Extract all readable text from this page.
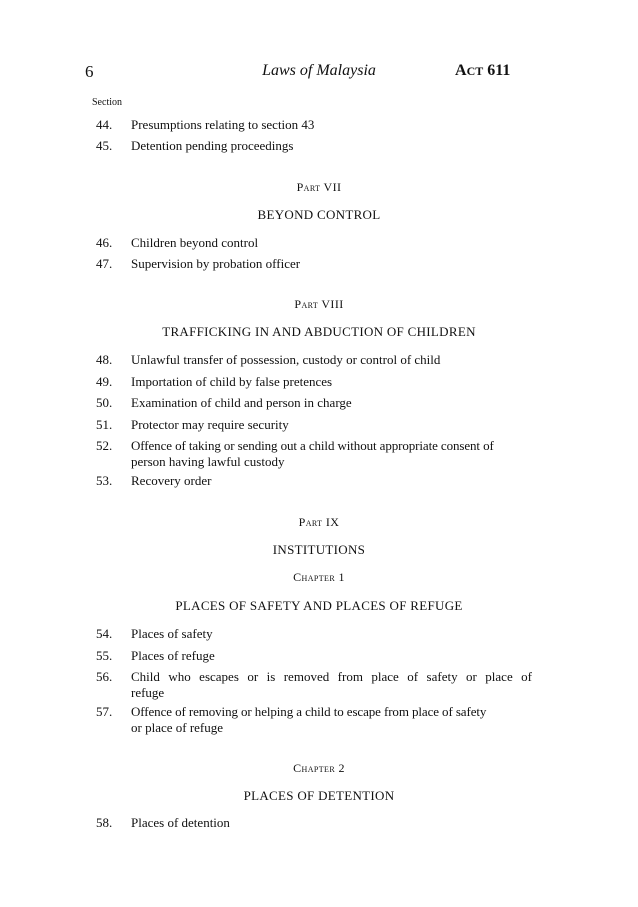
6	Laws of Malaysia	ACT 611
Section
44.	Presumptions relating to section 43
45.	Detention pending proceedings
Part VII
BEYOND CONTROL
46.	Children beyond control
47.	Supervision by probation officer
Part VIII
TRAFFICKING IN AND ABDUCTION OF CHILDREN
48.	Unlawful transfer of possession, custody or control of child
49.	Importation of child by false pretences
50.	Examination of child and person in charge
51.	Protector may require security
52.	Offence of taking or sending out a child without appropriate consent of
person having lawful custody
53.	Recovery order
Part IX
INSTITUTIONS
Chapter 1
PLACES OF SAFETY AND PLACES OF REFUGE
54.	Places of safety
55.	Places of refuge
56.	Child who escapes or is removed from place of safety or place of
refuge
57.	Offence of removing or helping a child to escape from place of safety
or place of refuge
Chapter 2
PLACES OF DETENTION
58.	Places of detention
